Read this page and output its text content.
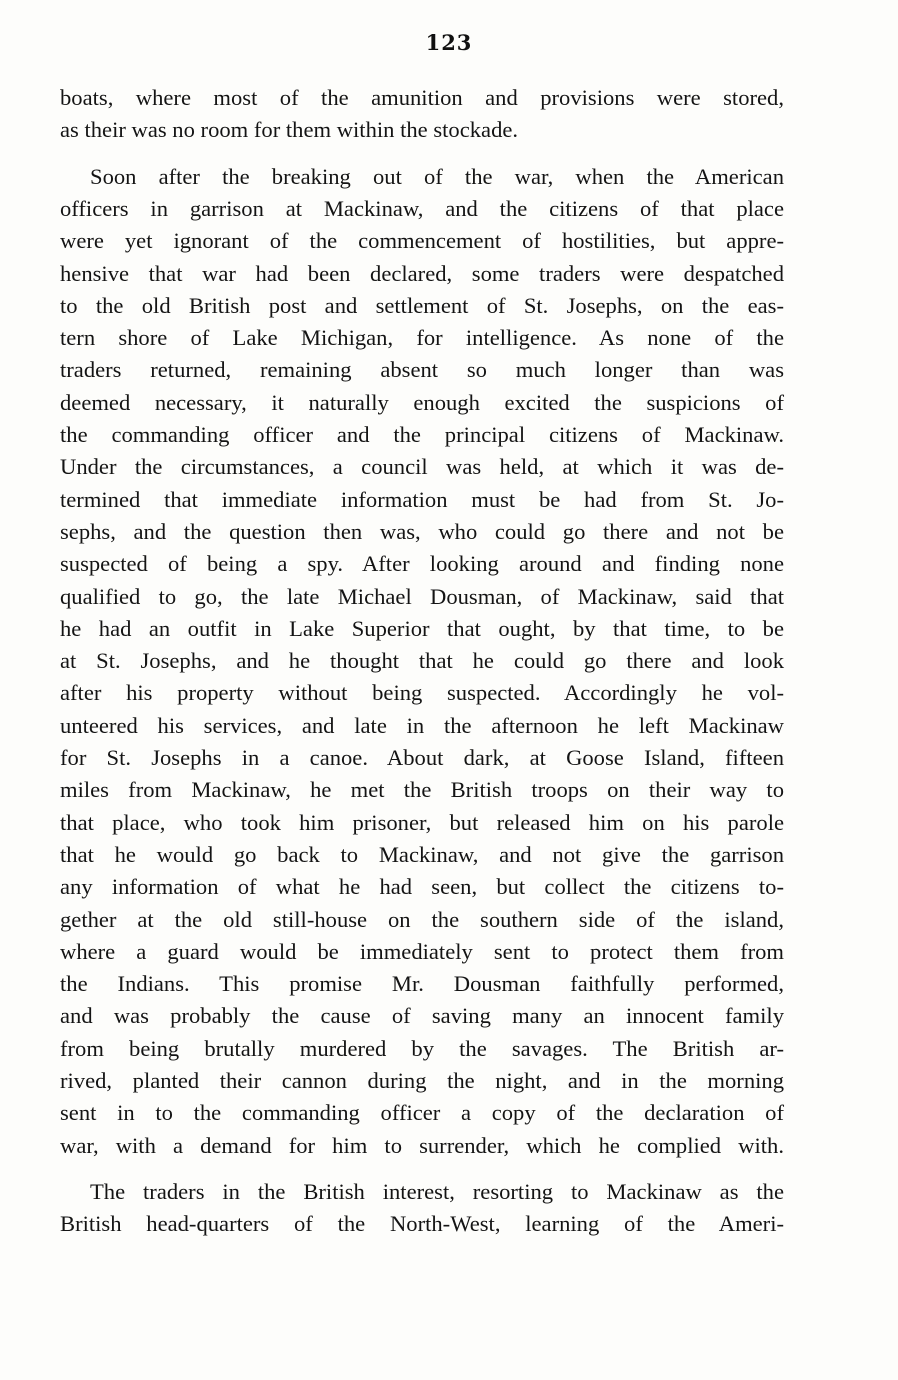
123
boats, where most of the amunition and provisions were stored,
as their was no room for them within the stockade.
Soon after the breaking out of the war, when the American
officers in garrison at Mackinaw, and the citizens of that place
were yet ignorant of the commencement of hostilities, but appre-
hensive that war had been declared, some traders were despatched
to the old British post and settlement of St. Josephs, on the eas-
tern shore of Lake Michigan, for intelligence. As none of the
traders returned, remaining absent so much longer than was
deemed necessary, it naturally enough excited the suspicions of
the commanding officer and the principal citizens of Mackinaw.
Under the circumstances, a council was held, at which it was de-
termined that immediate information must be had from St. Jo-
sephs, and the question then was, who could go there and not be
suspected of being a spy. After looking around and finding none
qualified to go, the late Michael Dousman, of Mackinaw, said that
he had an outfit in Lake Superior that ought, by that time, to be
at St. Josephs, and he thought that he could go there and look
after his property without being suspected. Accordingly he vol-
unteered his services, and late in the afternoon he left Mackinaw
for St. Josephs in a canoe. About dark, at Goose Island, fifteen
miles from Mackinaw, he met the British troops on their way to
that place, who took him prisoner, but released him on his parole
that he would go back to Mackinaw, and not give the garrison
any information of what he had seen, but collect the citizens to-
gether at the old still-house on the southern side of the island,
where a guard would be immediately sent to protect them from
the Indians. This promise Mr. Dousman faithfully performed,
and was probably the cause of saving many an innocent family
from being brutally murdered by the savages. The British ar-
rived, planted their cannon during the night, and in the morning
sent in to the commanding officer a copy of the declaration of
war, with a demand for him to surrender, which he complied with.
The traders in the British interest, resorting to Mackinaw as the
British head-quarters of the North-West, learning of the Ameri-
